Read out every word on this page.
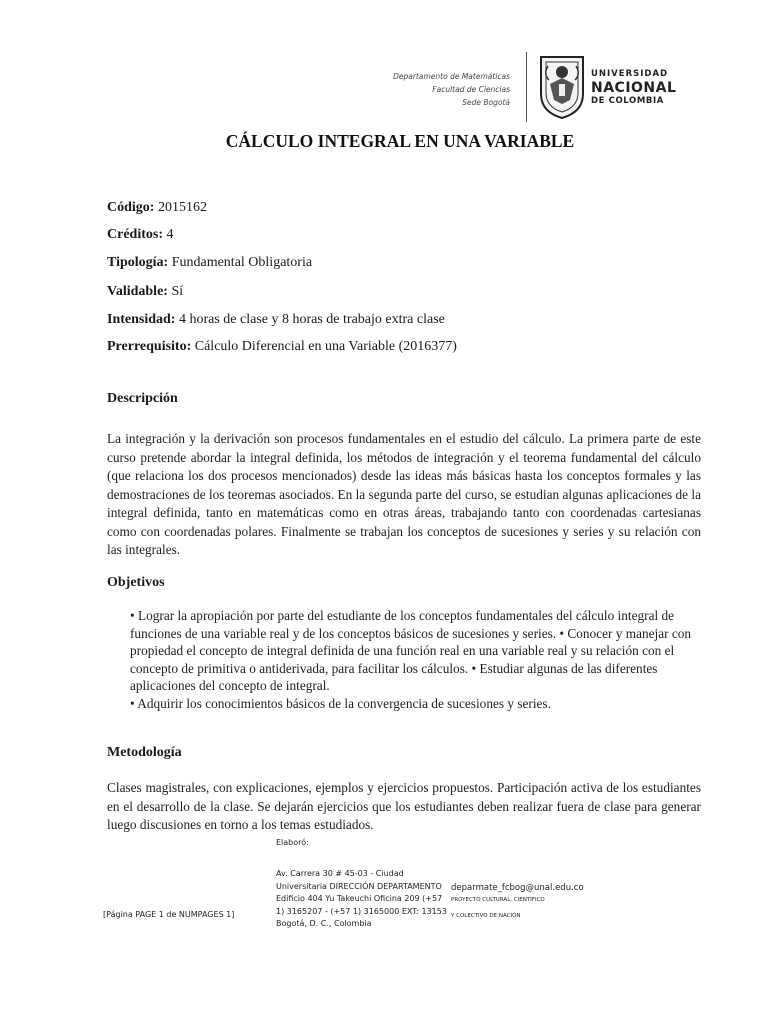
Departamento de Matemáticas
Facultad de Ciencias
Sede Bogotá
UNIVERSIDAD
NACIONAL
DE COLOMBIA
CÁLCULO INTEGRAL EN UNA VARIABLE
Código: 2015162
Créditos: 4
Tipología: Fundamental Obligatoria
Validable: Sí
Intensidad: 4 horas de clase y 8 horas de trabajo extra clase
Prerrequisito: Cálculo Diferencial en una Variable (2016377)
Descripción
La integración y la derivación son procesos fundamentales en el estudio del cálculo. La primera parte de este curso pretende abordar la integral definida, los métodos de integración y el teorema fundamental del cálculo (que relaciona los dos procesos mencionados) desde las ideas más básicas hasta los conceptos formales y las demostraciones de los teoremas asociados. En la segunda parte del curso, se estudian algunas aplicaciones de la integral definida, tanto en matemáticas como en otras áreas, trabajando tanto con coordenadas cartesianas como con coordenadas polares. Finalmente se trabajan los conceptos de sucesiones y series y su relación con las integrales.
Objetivos

• Lograr la apropiación por parte del estudiante de los conceptos fundamentales del cálculo integral de funciones de una variable real y de los conceptos básicos de sucesiones y series. • Conocer y manejar con propiedad el concepto de integral definida de una función real en una variable real y su relación con el concepto de primitiva o antiderivada, para facilitar los cálculos. • Estudiar algunas de las diferentes aplicaciones del concepto de integral.

• Adquirir los conocimientos básicos de la convergencia de sucesiones y series.

Metodología
Clases magistrales, con explicaciones, ejemplos y ejercicios propuestos. Participación activa de los estudiantes en el desarrollo de la clase. Se dejarán ejercicios que los estudiantes deben realizar fuera de clase para generar luego discusiones en torno a los temas estudiados.
Elaboró:
Av. Carrera 30 # 45-03 - Ciudad
Universitaria DIRECCIÓN DEPARTAMENTO
Edificio 404 Yu Takeuchi Oficina 209 (+57
1) 3165207 - (+57 1) 3165000 EXT: 13153
Bogotá, D. C., Colombia
deparmate_fcbog@unal.edu.co
PROYECTO CULTURAL, CIENTÍFICO
Y COLECTIVO DE NACIÓN
[Página PAGE 1 de NUMPAGES 1]
